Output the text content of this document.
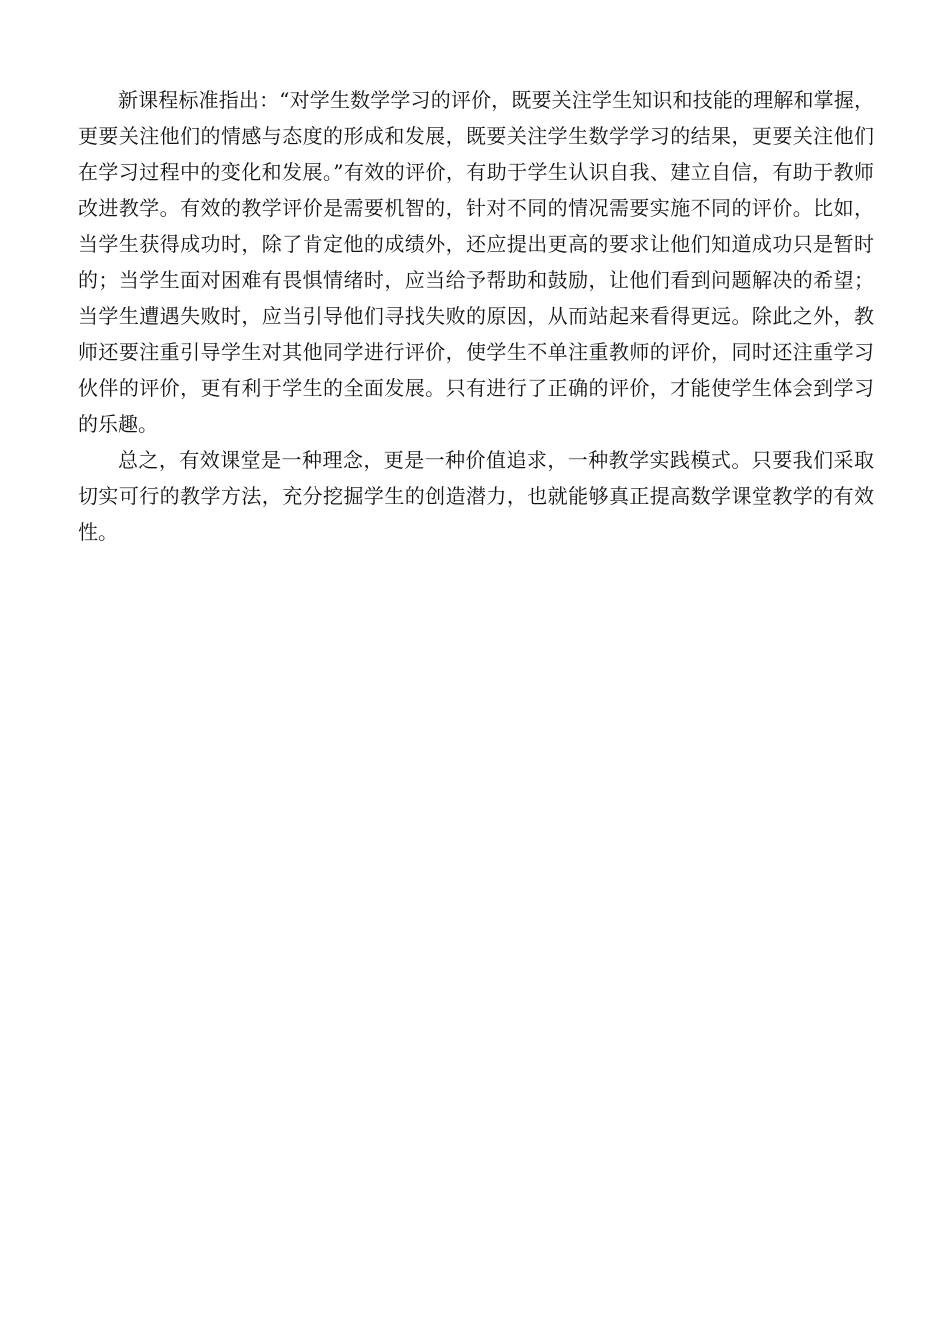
新课程标准指出：“对学生数学学习的评价，既要关注学生知识和技能的理解和掌握，更要关注他们的情感与态度的形成和发展，既要关注学生数学学习的结果，更要关注他们在学习过程中的变化和发展。”有效的评价，有助于学生认识自我、建立自信，有助于教师改进教学。有效的教学评价是需要机智的，针对不同的情况需要实施不同的评价。比如，当学生获得成功时，除了肯定他的成绩外，还应提出更高的要求让他们知道成功只是暂时的；当学生面对困难有畏惧情绪时，应当给予帮助和鼓励，让他们看到问题解决的希望；当学生遭遇失败时，应当引导他们寻找失败的原因，从而站起来看得更远。除此之外，教师还要注重引导学生对其他同学进行评价，使学生不单注重教师的评价，同时还注重学习伙伴的评价，更有利于学生的全面发展。只有进行了正确的评价，才能使学生体会到学习的乐趣。

总之，有效课堂是一种理念，更是一种价值追求，一种教学实践模式。只要我们采取切实可行的教学方法，充分挖掘学生的创造潜力，也就能够真正提高数学课堂教学的有效性。
